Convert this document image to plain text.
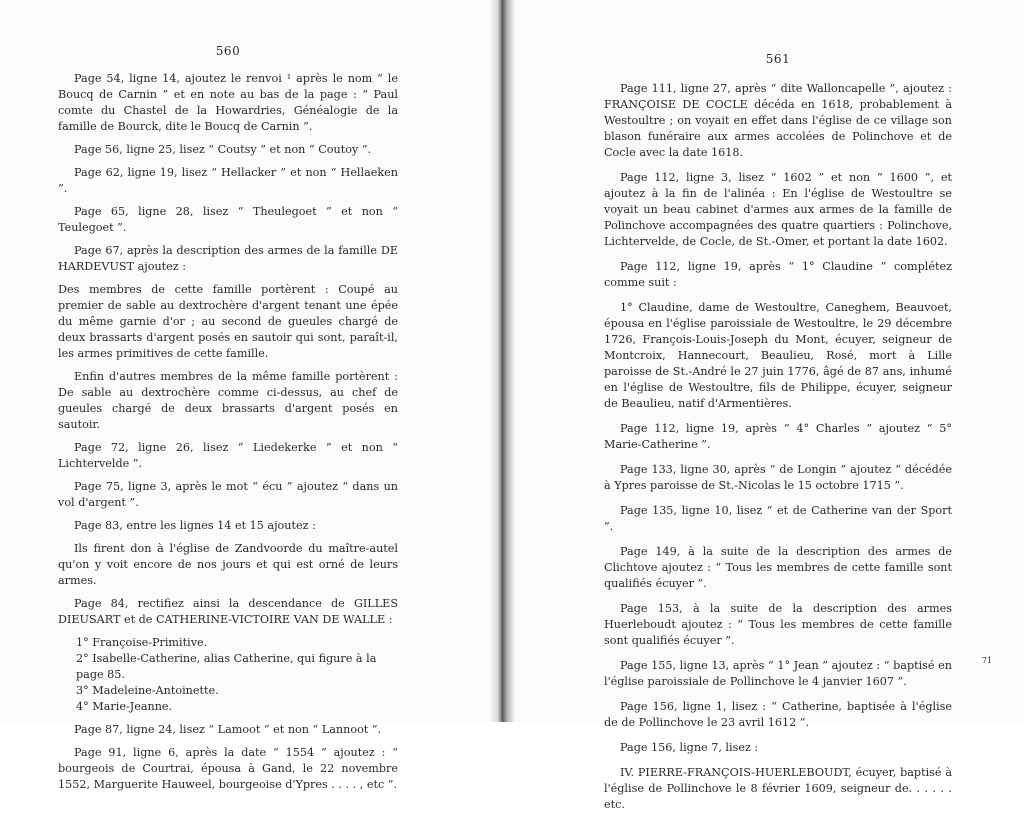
560

Page 54, ligne 14, ajoutez le renvoi ¹ après le nom “ le Boucq de Carnin ” et en note au bas de la page : “ Paul comte du Chastel de la Howardries, Généalogie de la famille de Bourck, dite le Boucq de Carnin ”.

Page 56, ligne 25, lisez “ Coutsy ” et non “ Coutoy ”.

Page 62, ligne 19, lisez “ Hellacker ” et non “ Hellaeken ”.

Page 65, ligne 28, lisez “ Theulegoet ” et non “ Teulegoet ”.

Page 67, après la description des armes de la famille DE HARDEVUST ajoutez :

Des membres de cette famille portèrent : Coupé au premier de sable au dextrochère d'argent tenant une épée du même garnie d'or ; au second de gueules chargé de deux brassarts d'argent posés en sautoir qui sont, paraît-il, les armes primitives de cette famille.

Enfin d'autres membres de la même famille portèrent : De sable au dextrochère comme ci-dessus, au chef de gueules chargé de deux brassarts d'argent posés en sautoir.

Page 72, ligne 26, lisez “ Liedekerke ” et non “ Lichtervelde ”.

Page 75, ligne 3, après le mot “ écu ” ajoutez “ dans un vol d'argent ”.

Page 83, entre les lignes 14 et 15 ajoutez :

Ils firent don à l'église de Zandvoorde du maître-autel qu'on y voit encore de nos jours et qui est orné de leurs armes.

Page 84, rectifiez ainsi la descendance de GILLES DIEUSART et de CATHERINE-VICTOIRE VAN DE WALLE :

1° Françoise-Primitive.
2° Isabelle-Catherine, alias Catherine, qui figure à la page 85.
3° Madeleine-Antoinette.
4° Marie-Jeanne.

Page 87, ligne 24, lisez “ Lamoot ” et non “ Lannoot ”.

Page 91, ligne 6, après la date “ 1554 ” ajoutez : “ bourgeois de Courtrai, épousa à Gand, le 22 novembre 1552, Marguerite Hauweel, bourgeoise d'Ypres . . . . , etc ”.

561

Page 111, ligne 27, après “ dite Walloncapelle ”, ajoutez : FRANÇOISE DE COCLE décéda en 1618, probablement à Westoultre ; on voyait en effet dans l'église de ce village son blason funéraire aux armes accolées de Polinchove et de Cocle avec la date 1618.

Page 112, ligne 3, lisez “ 1602 ” et non “ 1600 ”, et ajoutez à la fin de l'alinéa : En l'église de Westoultre se voyait un beau cabinet d'armes aux armes de la famille de Polinchove accompagnées des quatre quartiers : Polinchove, Lichtervelde, de Cocle, de St.-Omer, et portant la date 1602.

Page 112, ligne 19, après “ 1° Claudine ” complétez comme suit :

1° Claudine, dame de Westoultre, Caneghem, Beauvoet, épousa en l'église paroissiale de Westoultre, le 29 décembre 1726, François-Louis-Joseph du Mont, écuyer, seigneur de Montcroix, Hannecourt, Beaulieu, Rosé, mort à Lille paroisse de St.-André le 27 juin 1776, âgé de 87 ans, inhumé en l'église de Westoultre, fils de Philippe, écuyer, seigneur de Beaulieu, natif d'Armentières.

Page 112, ligne 19, après “ 4° Charles ” ajoutez “ 5° Marie-Catherine ”.

Page 133, ligne 30, après “ de Longin ” ajoutez “ décédée à Ypres paroisse de St.-Nicolas le 15 octobre 1715 ”.

Page 135, ligne 10, lisez “ et de Catherine van der Sport ”.

Page 149, à la suite de la description des armes de Clichtove ajoutez : “ Tous les membres de cette famille sont qualifiés écuyer ”.

Page 153, à la suite de la description des armes Huerleboudt ajoutez : “ Tous les membres de cette famille sont qualifiés écuyer ”.

Page 155, ligne 13, après “ 1° Jean ” ajoutez : “ baptisé en l'église paroissiale de Pollinchove le 4 janvier 1607 ”.

Page 156, ligne 1, lisez : “ Catherine, baptisée à l'église de de Pollinchove le 23 avril 1612 ”.

Page 156, ligne 7, lisez :

IV. PIERRE-FRANÇOIS-HUERLEBOUDT, écuyer, baptisé à l'église de Pollinchove le 8 février 1609, seigneur de. . . . . . etc.

71
